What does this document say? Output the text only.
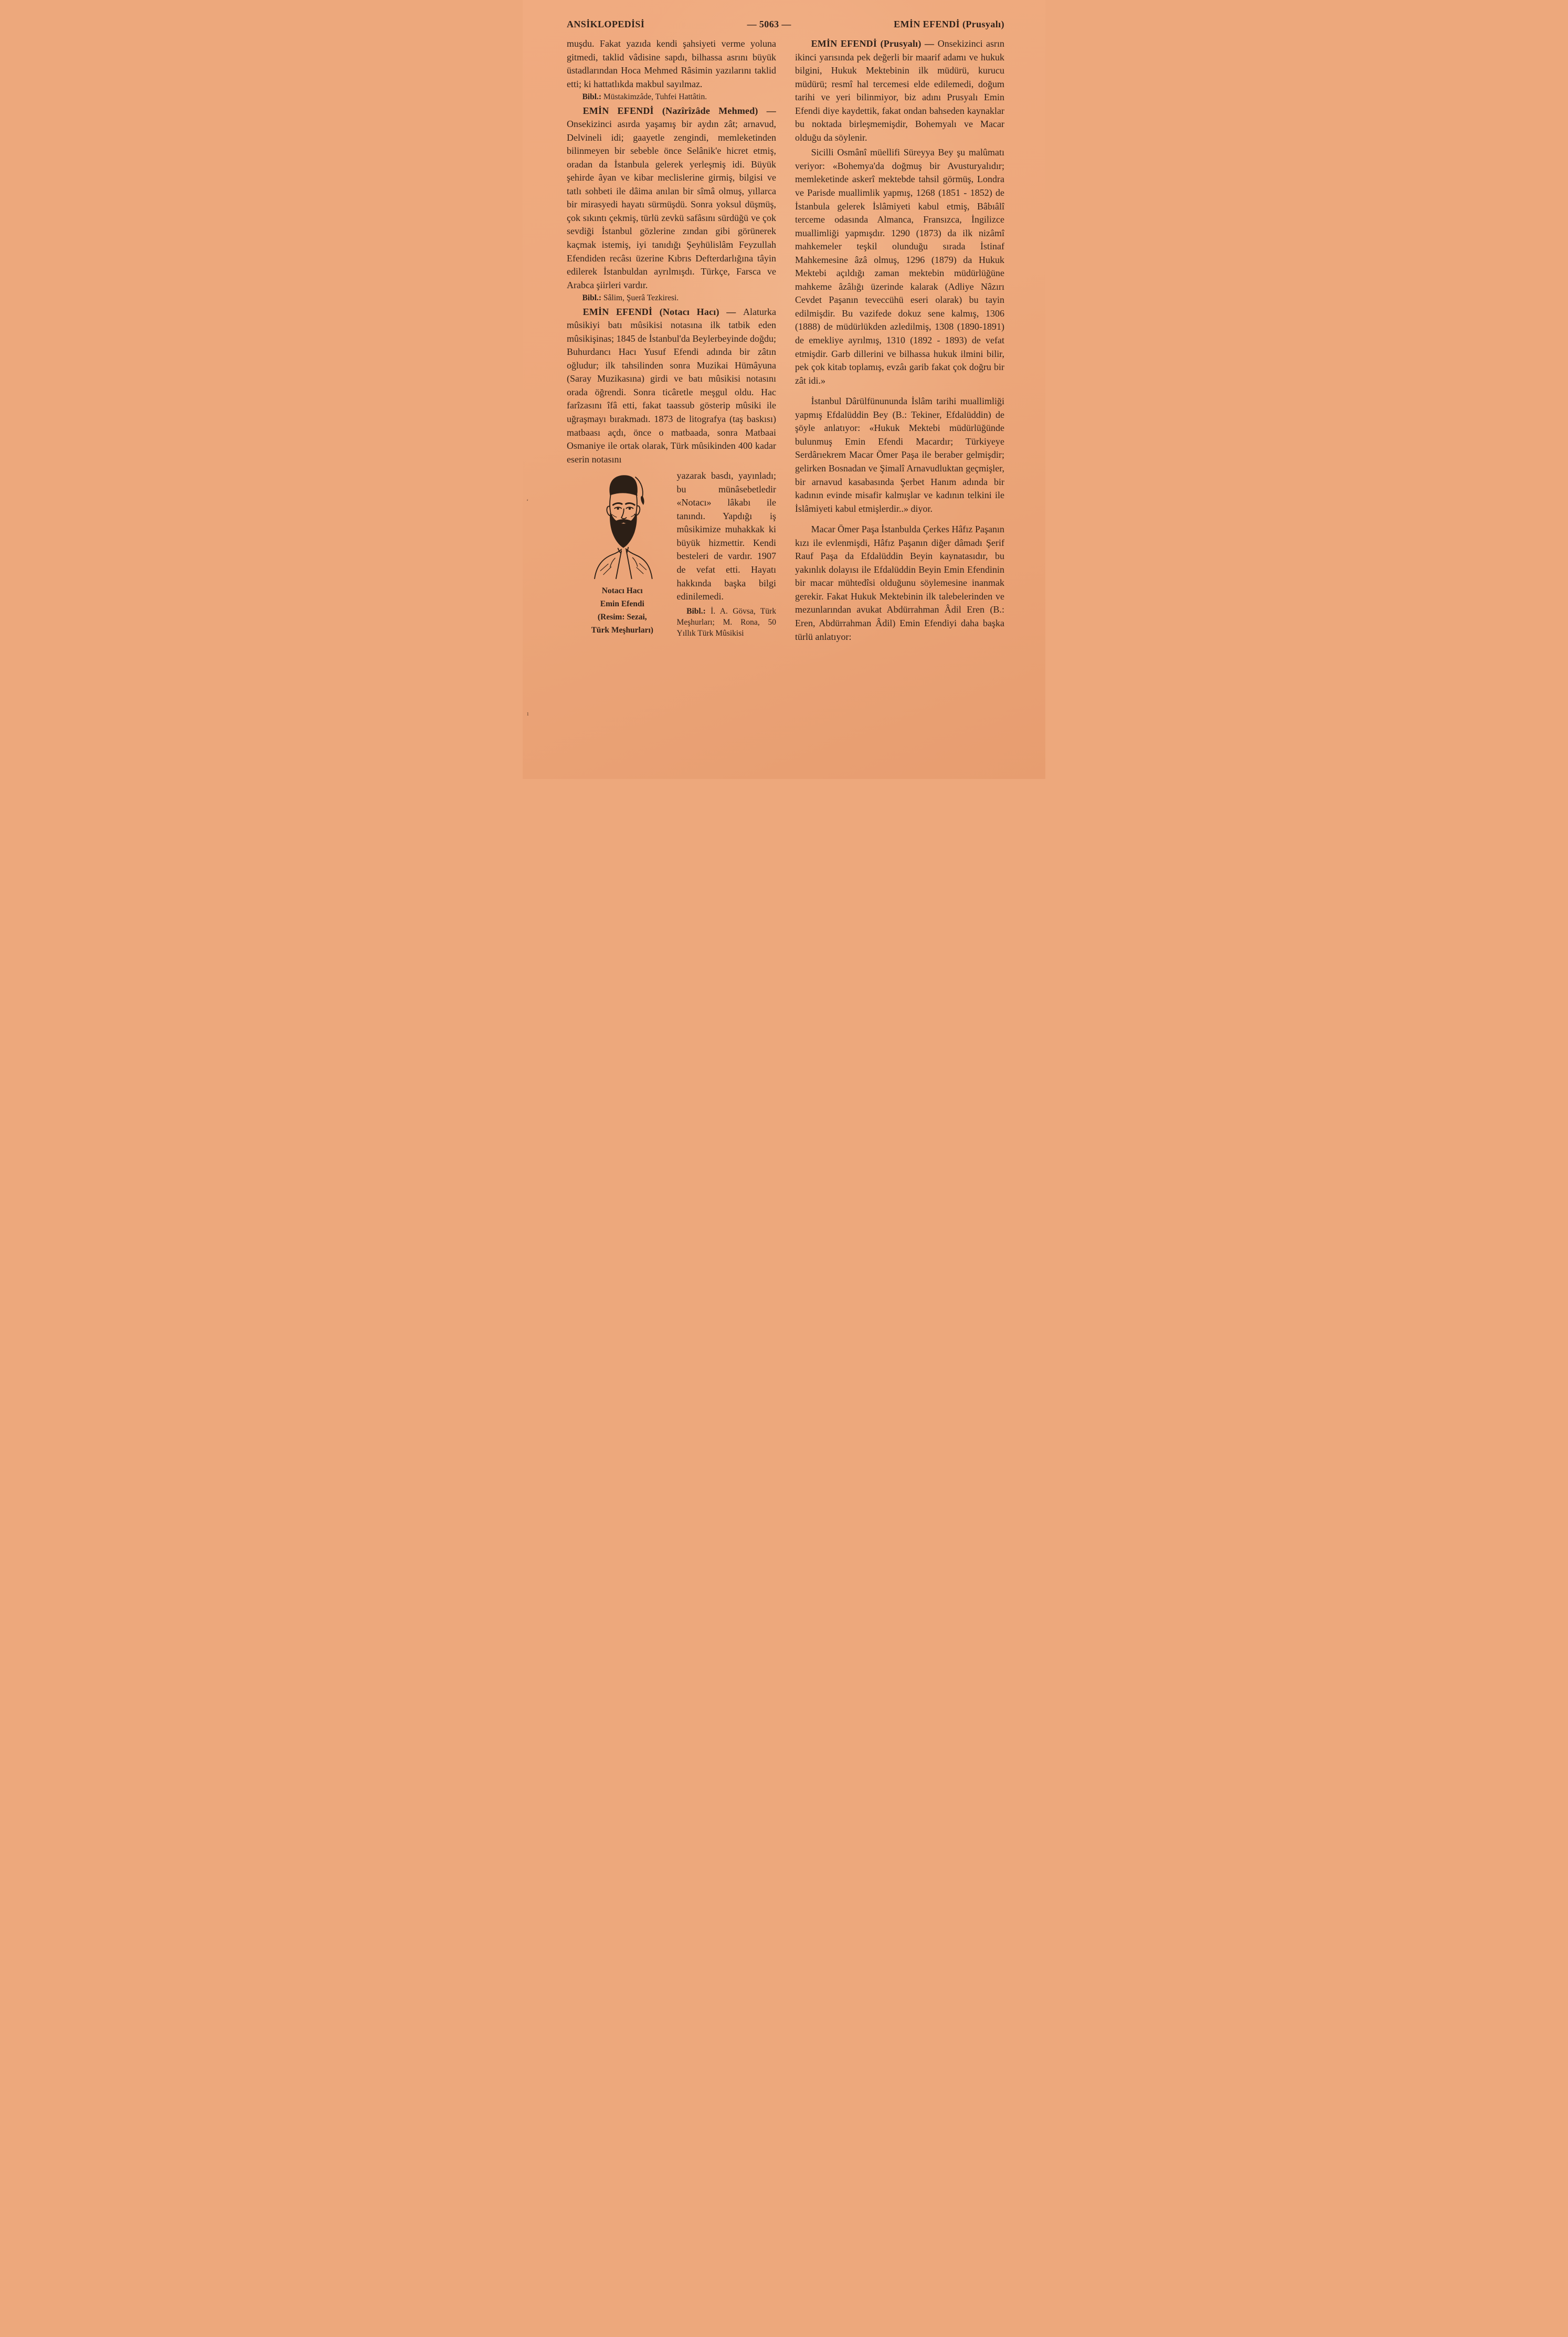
ANSİKLOPEDİSİ	— 5063 —	EMİN EFENDİ (Prusyalı)

muşdu. Fakat yazıda kendi şahsiyeti verme yoluna gitmedi, taklid vâdisine sapdı, bilhassa asrını büyük üstadlarından Hoca Mehmed Râsimin yazılarını taklid etti; ki hattatlıkda makbul sayılmaz.

Bibl.: Müstakimzâde, Tuhfei Hattâtin.

EMİN EFENDİ (Nazîrîzâde Mehmed) — Onsekizinci asırda yaşamış bir aydın zât; arnavud, Delvineli idi; gaayetle zengindi, memleketinden bilinmeyen bir sebeble önce Selânik'e hicret etmiş, oradan da İstanbula gelerek yerleşmiş idi. Büyük şehirde âyan ve kibar meclislerine girmiş, bilgisi ve tatlı sohbeti ile dâima anılan bir sîmâ olmuş, yıllarca bir mirasyedi hayatı sürmüşdü. Sonra yoksul düşmüş, çok sıkıntı çekmiş, türlü zevkü safâsını sürdüğü ve çok sevdiği İstanbul gözlerine zından gibi görünerek kaçmak istemiş, iyi tanıdığı Şeyhülislâm Feyzullah Efendiden recâsı üzerine Kıbrıs Defterdarlığına tâyin edilerek İstanbuldan ayrılmışdı. Türkçe, Farsca ve Arabca şiirleri vardır.

Bibl.: Sâlim, Şuerâ Tezkiresi.

EMİN EFENDİ (Notacı Hacı) — Alaturka mûsikiyi batı mûsikisi notasına ilk tatbik eden mûsikişinas; 1845 de İstanbul'da Beylerbeyinde doğdu; Buhurdancı Hacı Yusuf Efendi adında bir zâtın oğludur; ilk tahsilinden sonra Muzikai Hümâyuna (Saray Muzikasına) girdi ve batı mûsikisi notasını orada öğrendi. Sonra ticâretle meşgul oldu. Hac farîzasını îfâ etti, fakat taassub gösterip mûsiki ile uğraşmayı bırakmadı. 1873 de litografya (taş baskısı) matbaası açdı, önce o matbaada, sonra Matbaai Osmaniye ile ortak olarak, Türk mûsikinden 400 kadar eserin notasını

Notacı Hacı
Emin Efendi
(Resim: Sezai,
Türk Meşhurları)

yazarak basdı, yayınladı; bu münâsebetledir «Notacı» lâkabı ile tanındı. Yapdığı iş mûsikimize muhakkak ki büyük hizmettir. Kendi besteleri de vardır. 1907 de vefat etti. Hayatı hakkında başka bilgi edinilemedi.

Bibl.: İ. A. Gövsa, Türk Meşhurları; M. Rona, 50 Yıllık Türk Mûsikisi

EMİN EFENDİ (Prusyalı) — Onsekizinci asrın ikinci yarısında pek değerli bir maarif adamı ve hukuk bilgini, Hukuk Mektebinin ilk müdürü, kurucu müdürü; resmî hal tercemesi elde edilemedi, doğum tarihi ve yeri bilinmiyor, biz adını Prusyalı Emin Efendi diye kaydettik, fakat ondan bahseden kaynaklar bu noktada birleşmemişdir, Bohemyalı ve Macar olduğu da söylenir.

Sicilli Osmânî müellifi Süreyya Bey şu malûmatı veriyor: «Bohemya'da doğmuş bir Avusturyalıdır; memleketinde askerî mektebde tahsil görmüş, Londra ve Parisde muallimlik yapmış, 1268 (1851 - 1852) de İstanbula gelerek İslâmiyeti kabul etmiş, Bâbıâlî terceme odasında Almanca, Fransızca, İngilizce muallimliği yapmışdır. 1290 (1873) da ilk nizâmî mahkemeler teşkil olunduğu sırada İstinaf Mahkemesine âzâ olmuş, 1296 (1879) da Hukuk Mektebi açıldığı zaman mektebin müdürlüğüne mahkeme âzâlığı üzerinde kalarak (Adliye Nâzırı Cevdet Paşanın teveccühü eseri olarak) bu tayin edilmişdir. Bu vazifede dokuz sene kalmış, 1306 (1888) de müdürlükden azledilmiş, 1308 (1890-1891) de emekliye ayrılmış, 1310 (1892 - 1893) de vefat etmişdir. Garb dillerini ve bilhassa hukuk ilmini bilir, pek çok kitab toplamış, evzâı garib fakat çok doğru bir zât idi.»

İstanbul Dârülfünununda İslâm tarihi muallimliği yapmış Efdalüddin Bey (B.: Tekiner, Efdalüddin) de şöyle anlatıyor: «Hukuk Mektebi müdürlüğünde bulunmuş Emin Efendi Macardır; Türkiyeye Serdârıekrem Macar Ömer Paşa ile beraber gelmişdir; gelirken Bosnadan ve Şimalî Arnavudluktan geçmişler, bir arnavud kasabasında Şerbet Hanım adında bir kadının evinde misafir kalmışlar ve kadının telkini ile İslâmiyeti kabul etmişlerdir..» diyor.

Macar Ömer Paşa İstanbulda Çerkes Hâfız Paşanın kızı ile evlenmişdi, Hâfız Paşanın diğer dâmadı Şerif Rauf Paşa da Efdalüddin Beyin kaynatasıdır, bu yakınlık dolayısı ile Efdalüddin Beyin Emin Efendinin bir macar mühtedîsi olduğunu söylemesine inanmak gerekir. Fakat Hukuk Mektebinin ilk talebelerinden ve mezunlarından avukat Abdürrahman Âdil Eren (B.: Eren, Abdürrahman Âdil) Emin Efendiyi daha başka türlü anlatıyor:

ʻ
ı
